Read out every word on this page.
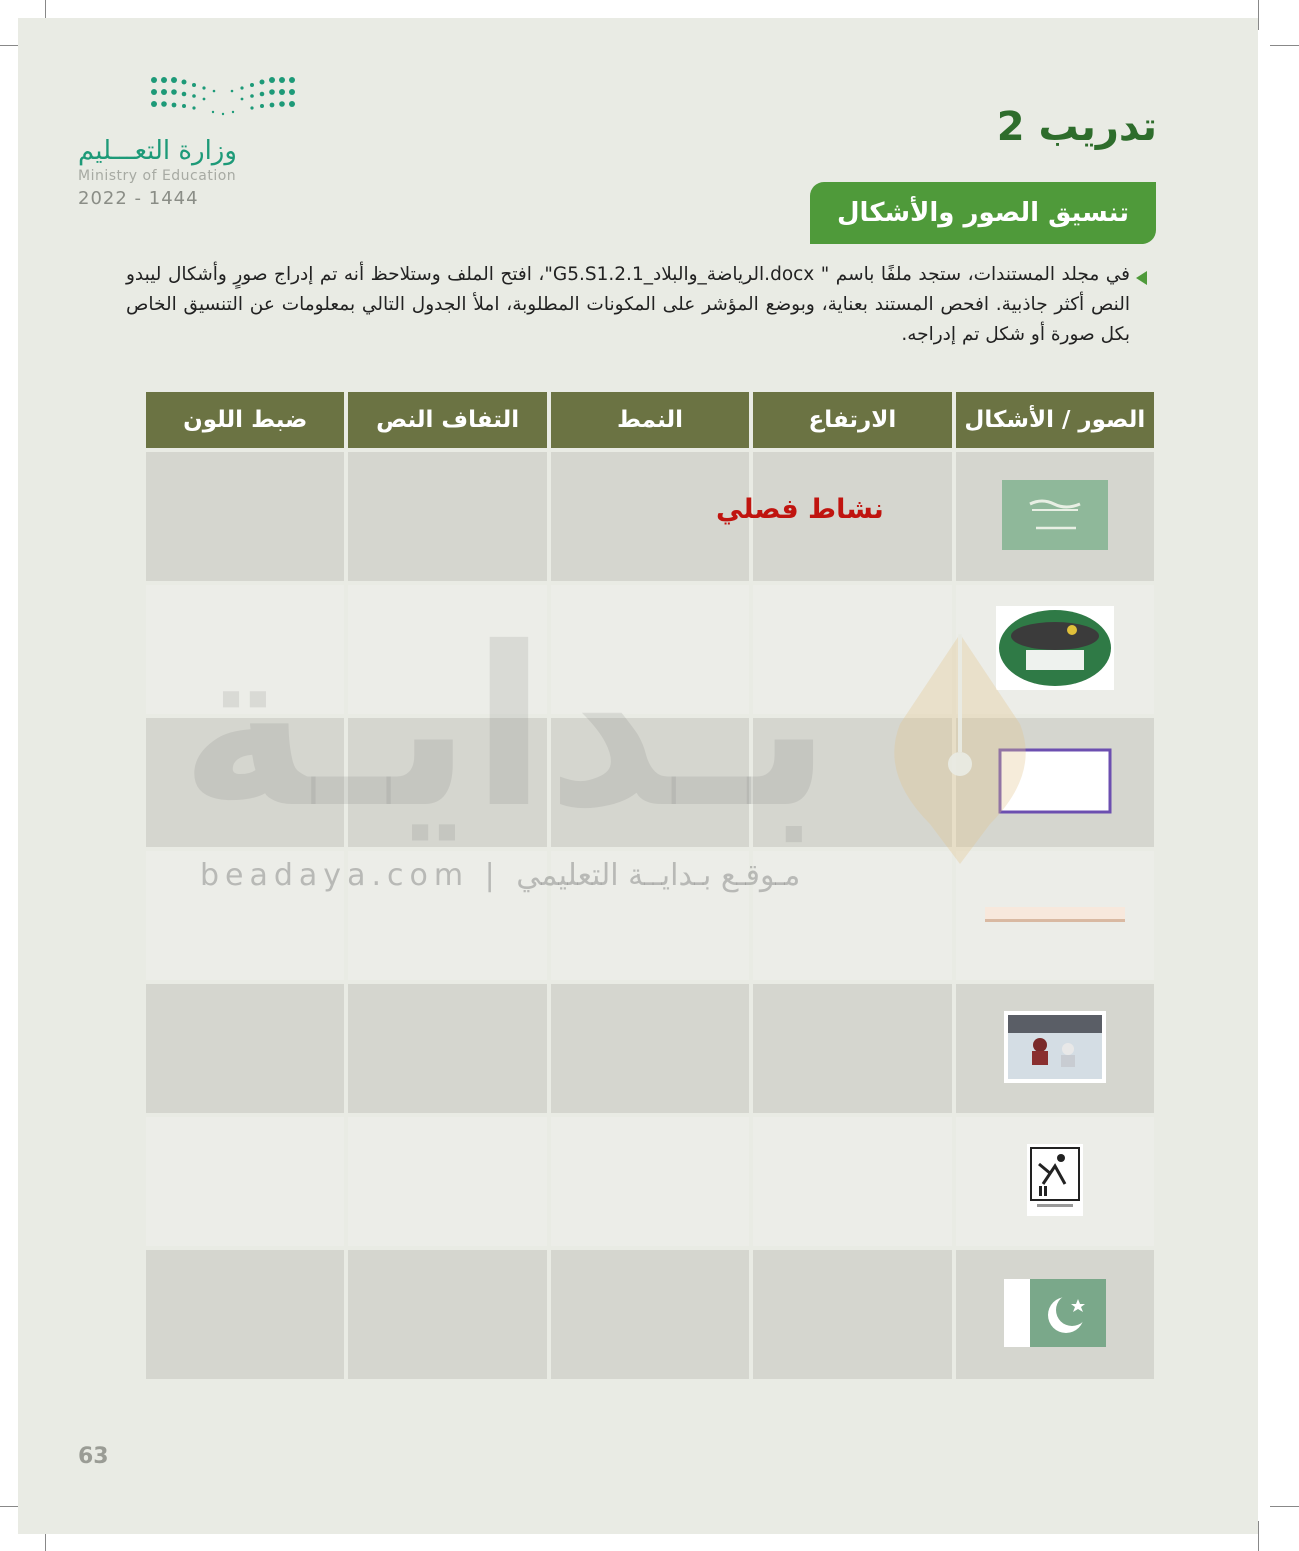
وزارة التعـــليم
Ministry of Education
2022 - 1444
تدريب 2
تنسيق الصور والأشكال
في مجلد المستندات، ستجد ملفًا باسم " docx.الرياضة_والبلاد_G5.S1.2.1"، افتح الملف وستلاحظ أنه تم إدراج صورٍ وأشكال ليبدو النص أكثر جاذبية. افحص المستند بعناية، وبوضع المؤشر على المكونات المطلوبة، املأ الجدول التالي بمعلومات عن التنسيق الخاص بكل صورة أو شكل تم إدراجه.
الصور / الأشكال	الارتفاع	النمط	التفاف النص	ضبط اللون

نشاط فصلي
beadaya.com | مـوقـع بـدايــة التعليمي
63
